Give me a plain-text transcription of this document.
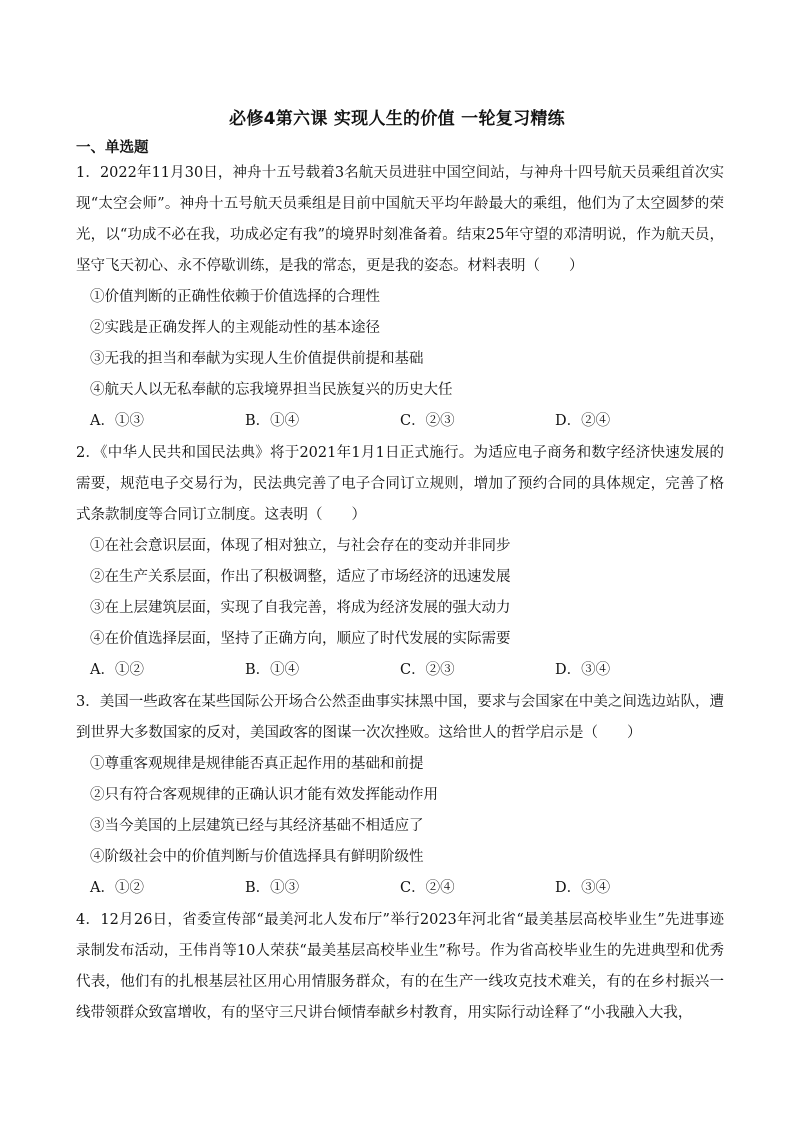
必修4第六课 实现人生的价值 一轮复习精练
一、单选题
1．2022年11月30日，神舟十五号载着3名航天员进驻中国空间站，与神舟十四号航天员乘组首次实现“太空会师”。神舟十五号航天员乘组是目前中国航天平均年龄最大的乘组，他们为了太空圆梦的荣光，以“功成不必在我，功成必定有我”的境界时刻准备着。结束25年守望的邓清明说，作为航天员，坚守飞天初心、永不停歇训练，是我的常态，更是我的姿态。材料表明（　　）
①价值判断的正确性依赖于价值选择的合理性
②实践是正确发挥人的主观能动性的基本途径
③无我的担当和奉献为实现人生价值提供前提和基础
④航天人以无私奉献的忘我境界担当民族复兴的历史大任
A．①③	B．①④	C．②③	D．②④
2．《中华人民共和国民法典》将于2021年1月1日正式施行。为适应电子商务和数字经济快速发展的需要，规范电子交易行为，民法典完善了电子合同订立规则，增加了预约合同的具体规定，完善了格式条款制度等合同订立制度。这表明（　　）
①在社会意识层面，体现了相对独立，与社会存在的变动并非同步
②在生产关系层面，作出了积极调整，适应了市场经济的迅速发展
③在上层建筑层面，实现了自我完善，将成为经济发展的强大动力
④在价值选择层面，坚持了正确方向，顺应了时代发展的实际需要
A．①②	B．①④	C．②③	D．③④
3．美国一些政客在某些国际公开场合公然歪曲事实抹黑中国，要求与会国家在中美之间选边站队，遭到世界大多数国家的反对，美国政客的图谋一次次挫败。这给世人的哲学启示是（　　）
①尊重客观规律是规律能否真正起作用的基础和前提
②只有符合客观规律的正确认识才能有效发挥能动作用
③当今美国的上层建筑已经与其经济基础不相适应了
④阶级社会中的价值判断与价值选择具有鲜明阶级性
A．①②	B．①③	C．②④	D．③④
4．12月26日，省委宣传部“最美河北人发布厅”举行2023年河北省“最美基层高校毕业生”先进事迹录制发布活动，王伟肖等10人荣获“最美基层高校毕业生”称号。作为省高校毕业生的先进典型和优秀代表，他们有的扎根基层社区用心用情服务群众，有的在生产一线攻克技术难关，有的在乡村振兴一线带领群众致富增收，有的坚守三尺讲台倾情奉献乡村教育，用实际行动诠释了“小我融入大我，
